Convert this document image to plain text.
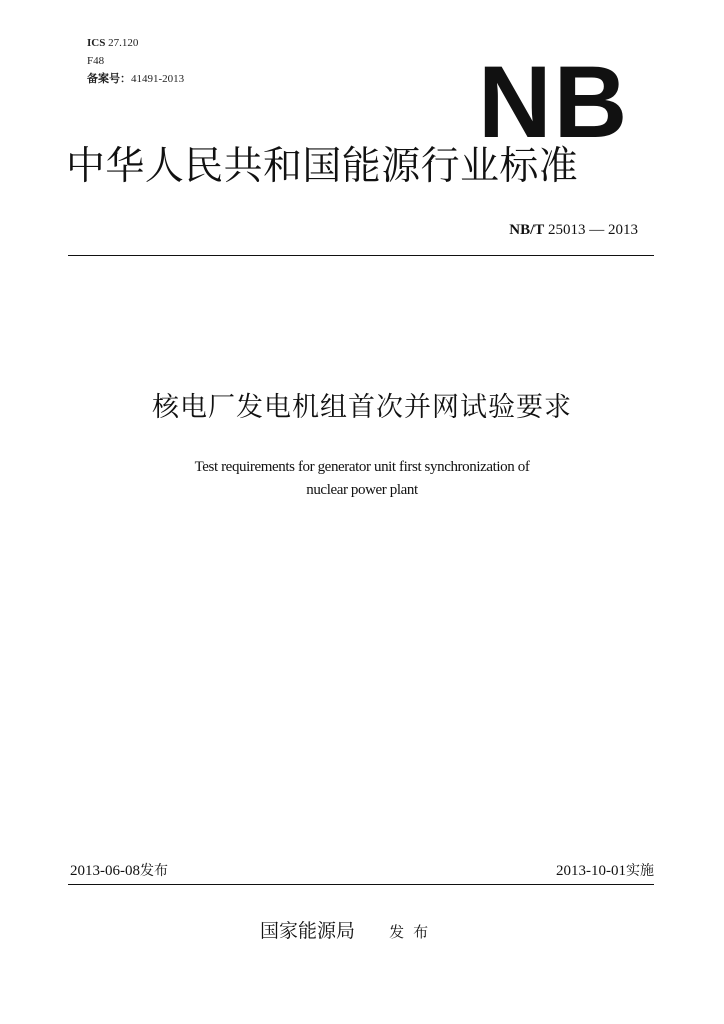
ICS 27.120
F48
备案号：41491-2013	NB
中华人民共和国能源行业标准
NB/T 25013 — 2013
核电厂发电机组首次并网试验要求
Test requirements for generator unit first synchronization of
nuclear power plant
2013-06-08发布	2013-10-01实施
国家能源局 发布
